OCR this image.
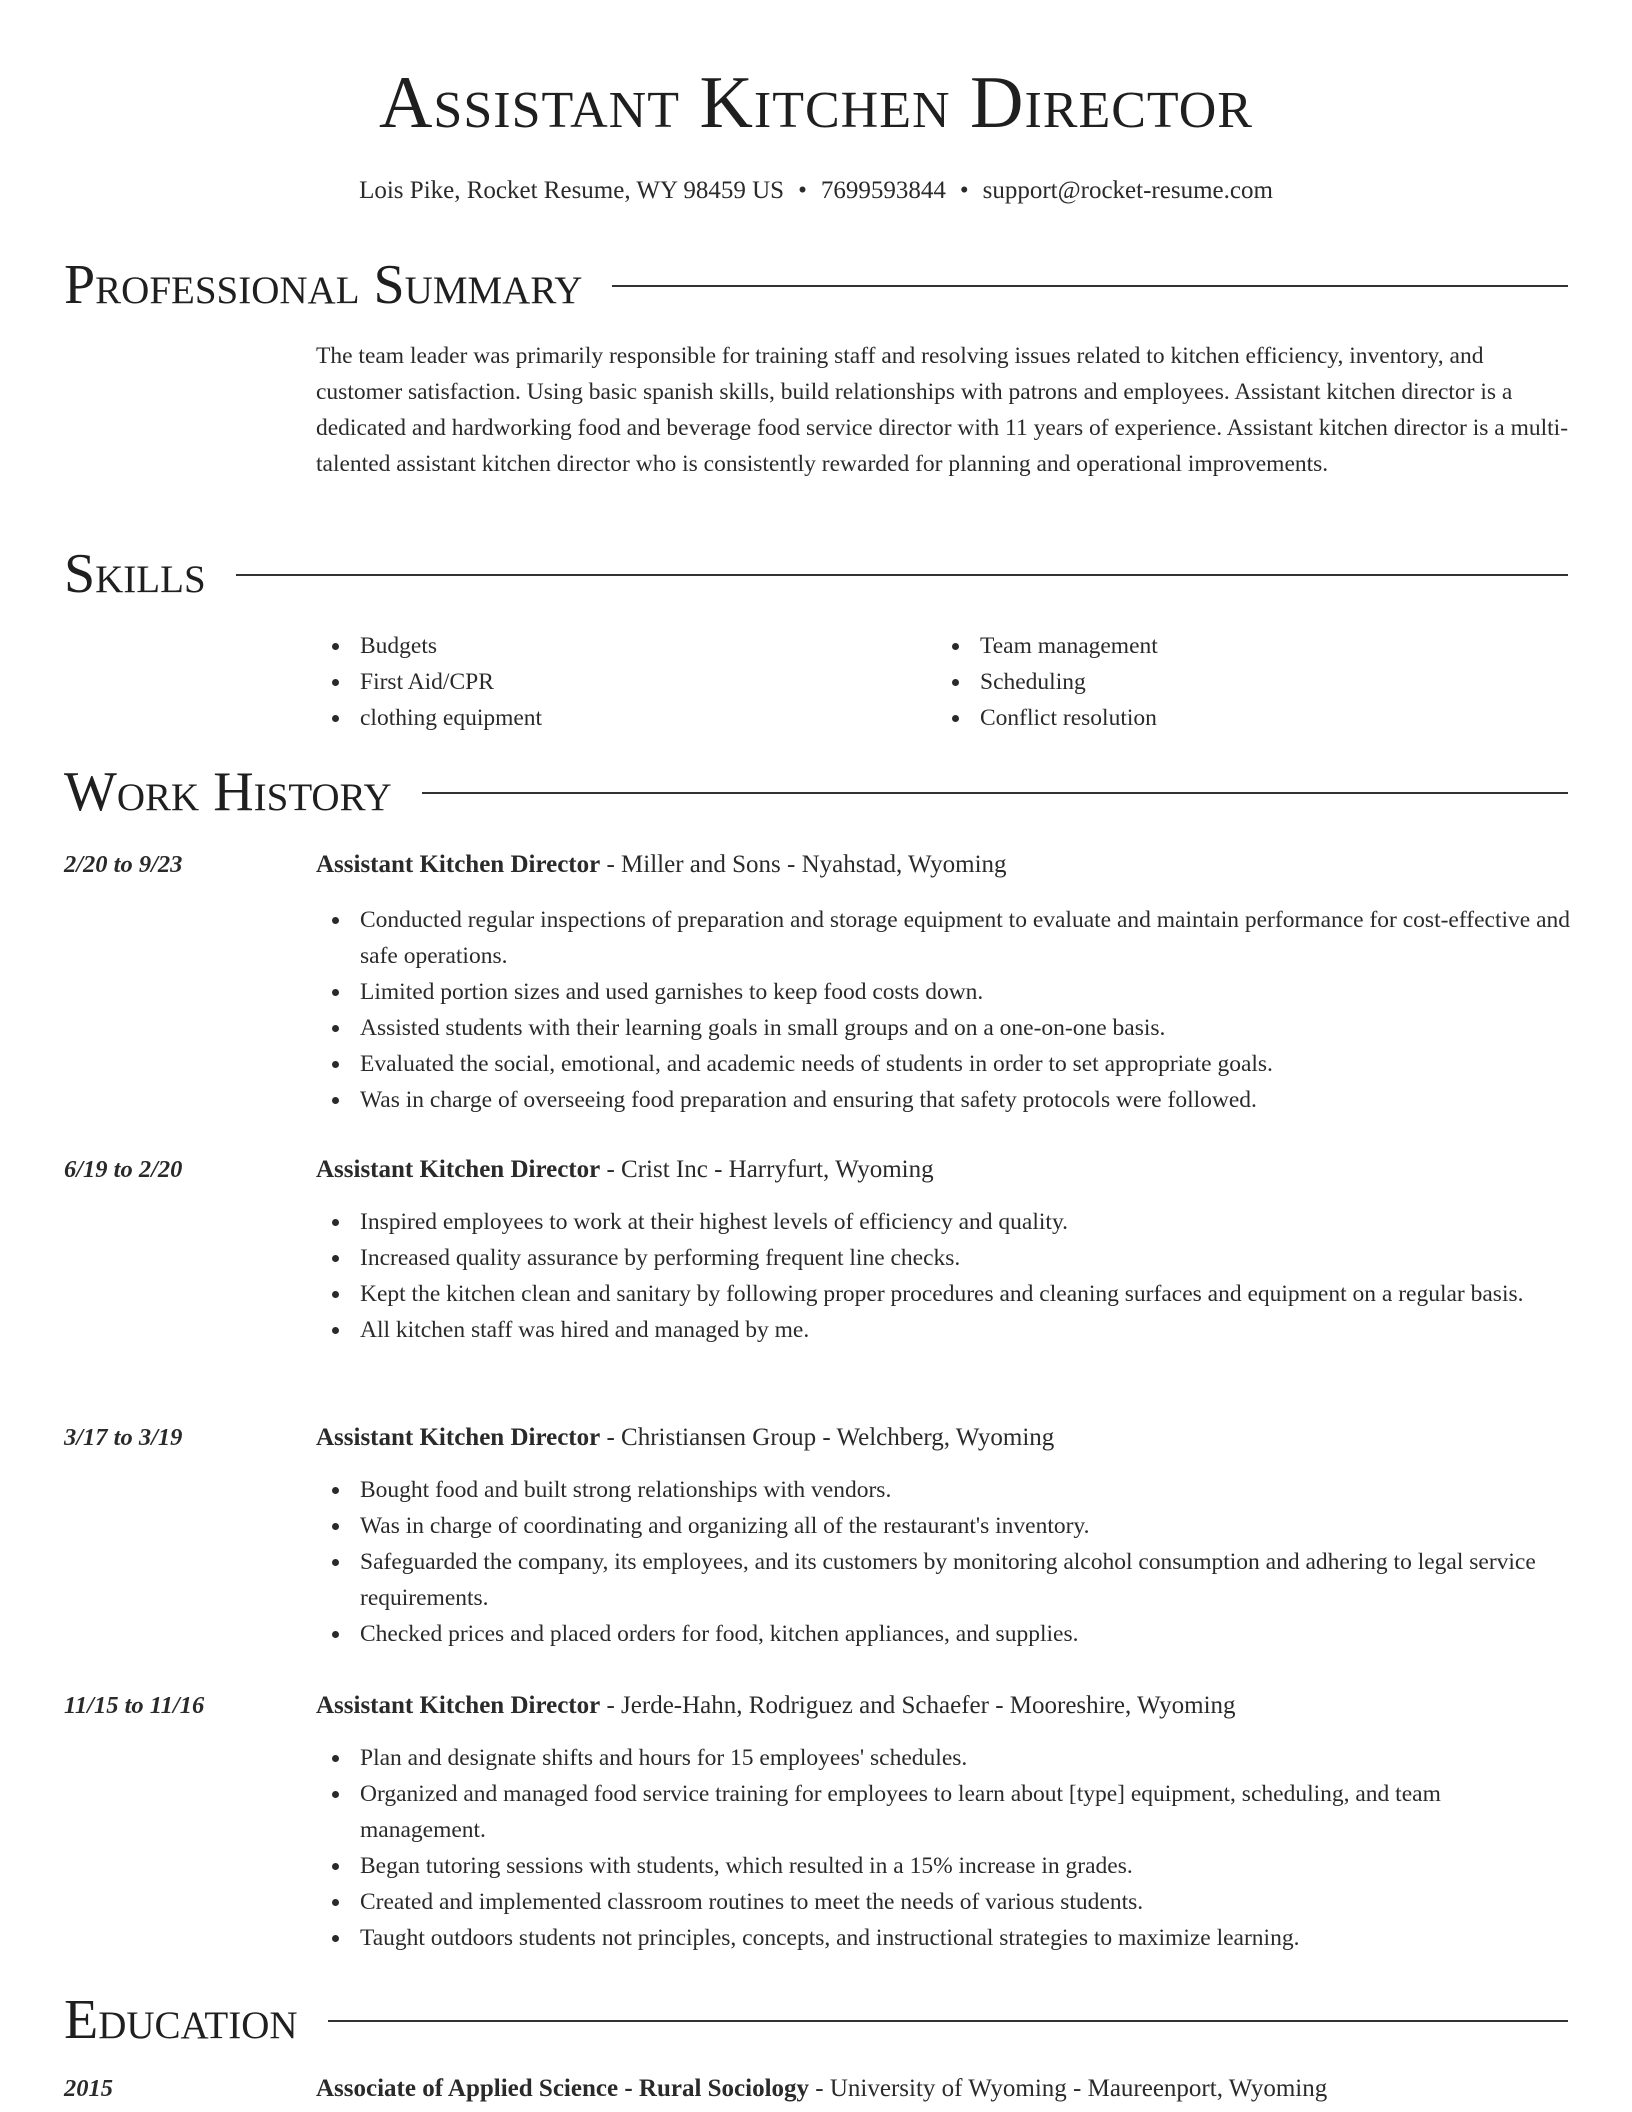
Assistant Kitchen Director
Lois Pike, Rocket Resume, WY 98459 US • 7699593844 • support@rocket-resume.com
Professional Summary
The team leader was primarily responsible for training staff and resolving issues related to kitchen efficiency, inventory, and customer satisfaction. Using basic spanish skills, build relationships with patrons and employees. Assistant kitchen director is a dedicated and hardworking food and beverage food service director with 11 years of experience. Assistant kitchen director is a multi-talented assistant kitchen director who is consistently rewarded for planning and operational improvements.
Skills
Budgets
First Aid/CPR
clothing equipment
Team management
Scheduling
Conflict resolution
Work History
2/20 to 9/23	Assistant Kitchen Director - Miller and Sons - Nyahstad, Wyoming
Conducted regular inspections of preparation and storage equipment to evaluate and maintain performance for cost-effective and safe operations.
Limited portion sizes and used garnishes to keep food costs down.
Assisted students with their learning goals in small groups and on a one-on-one basis.
Evaluated the social, emotional, and academic needs of students in order to set appropriate goals.
Was in charge of overseeing food preparation and ensuring that safety protocols were followed.
6/19 to 2/20	Assistant Kitchen Director - Crist Inc - Harryfurt, Wyoming
Inspired employees to work at their highest levels of efficiency and quality.
Increased quality assurance by performing frequent line checks.
Kept the kitchen clean and sanitary by following proper procedures and cleaning surfaces and equipment on a regular basis.
All kitchen staff was hired and managed by me.
3/17 to 3/19	Assistant Kitchen Director - Christiansen Group - Welchberg, Wyoming
Bought food and built strong relationships with vendors.
Was in charge of coordinating and organizing all of the restaurant's inventory.
Safeguarded the company, its employees, and its customers by monitoring alcohol consumption and adhering to legal service requirements.
Checked prices and placed orders for food, kitchen appliances, and supplies.
11/15 to 11/16	Assistant Kitchen Director - Jerde-Hahn, Rodriguez and Schaefer - Mooreshire, Wyoming
Plan and designate shifts and hours for 15 employees' schedules.
Organized and managed food service training for employees to learn about [type] equipment, scheduling, and team management.
Began tutoring sessions with students, which resulted in a 15% increase in grades.
Created and implemented classroom routines to meet the needs of various students.
Taught outdoors students not principles, concepts, and instructional strategies to maximize learning.
Education
2015	Associate of Applied Science - Rural Sociology - University of Wyoming - Maureenport, Wyoming
